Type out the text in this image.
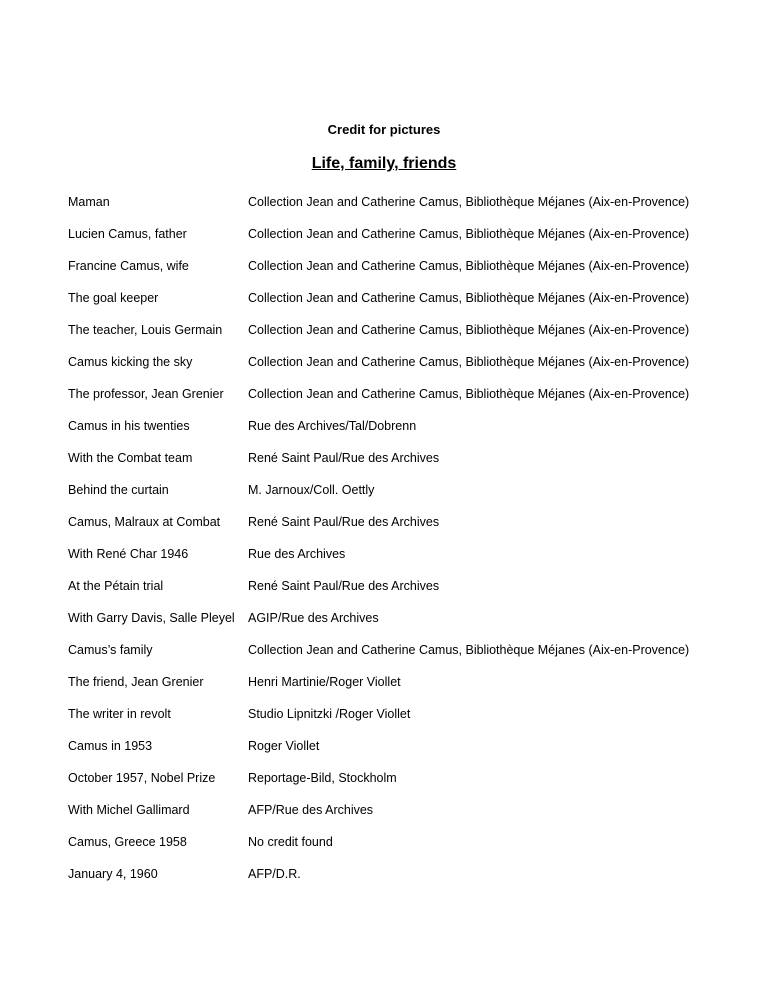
Credit for pictures
Life, family, friends
Maman	Collection Jean and Catherine Camus, Bibliothèque Méjanes (Aix-en-Provence)
Lucien Camus, father	Collection Jean and Catherine Camus, Bibliothèque Méjanes (Aix-en-Provence)
Francine Camus, wife	Collection Jean and Catherine Camus, Bibliothèque Méjanes (Aix-en-Provence)
The goal keeper	Collection Jean and Catherine Camus, Bibliothèque Méjanes (Aix-en-Provence)
The teacher, Louis Germain	Collection Jean and Catherine Camus, Bibliothèque Méjanes (Aix-en-Provence)
Camus kicking the sky	Collection Jean and Catherine Camus, Bibliothèque Méjanes (Aix-en-Provence)
The professor, Jean Grenier	Collection Jean and Catherine Camus, Bibliothèque Méjanes (Aix-en-Provence)
Camus in his twenties	Rue des Archives/Tal/Dobrenn
With the Combat team	René Saint Paul/Rue des Archives
Behind the curtain	M. Jarnoux/Coll. Oettly
Camus, Malraux at Combat	René Saint Paul/Rue des Archives
With René Char 1946	Rue des Archives
At the Pétain trial	René Saint Paul/Rue des Archives
With Garry Davis, Salle Pleyel	AGIP/Rue des Archives
Camus’s family	Collection Jean and Catherine Camus, Bibliothèque Méjanes (Aix-en-Provence)
The friend, Jean Grenier	Henri Martinie/Roger Viollet
The writer in revolt	Studio Lipnitzki /Roger Viollet
Camus in 1953	Roger Viollet
October 1957, Nobel Prize	Reportage-Bild, Stockholm
With Michel Gallimard	AFP/Rue des Archives
Camus, Greece 1958	No credit found
January 4, 1960	AFP/D.R.
